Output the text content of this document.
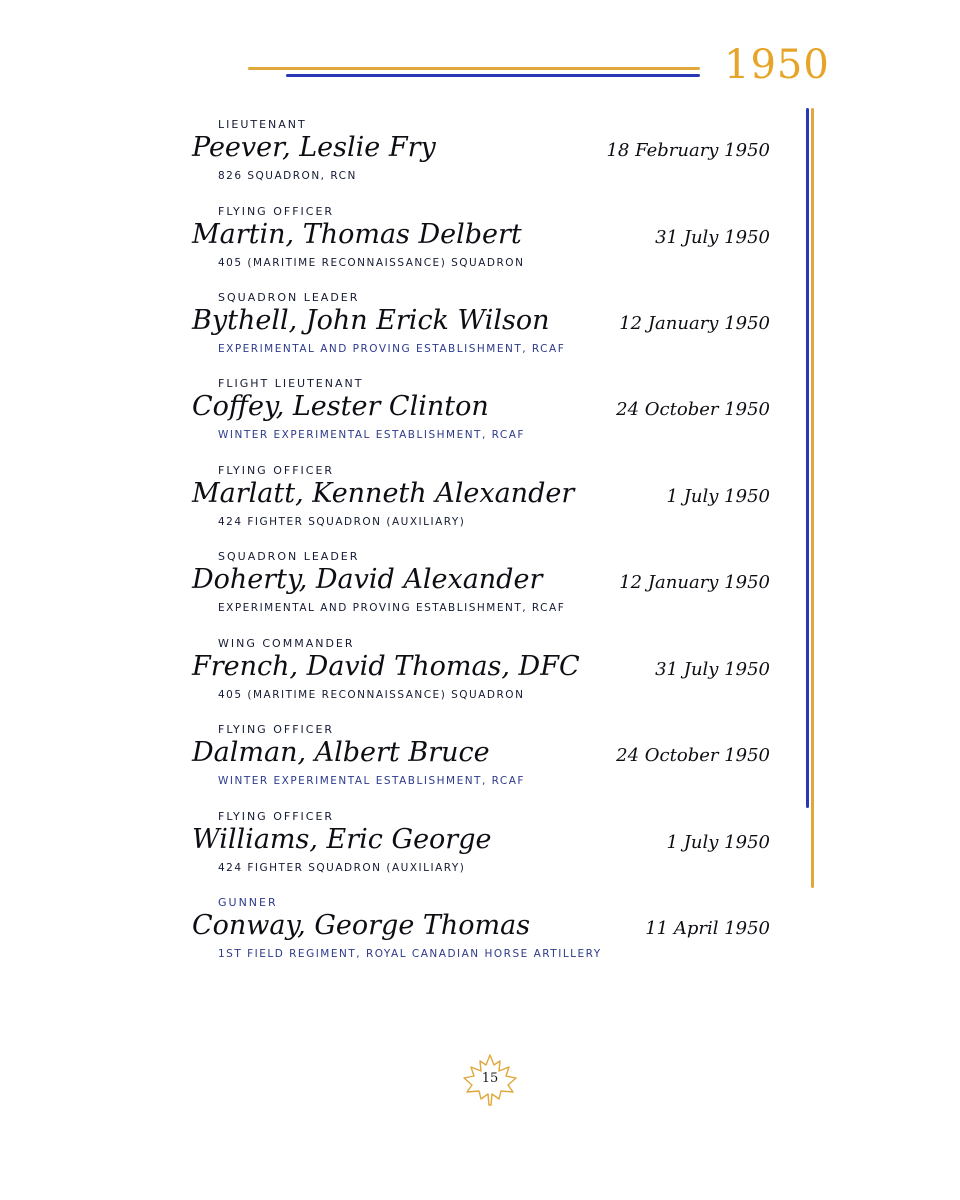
1950
LIEUTENANT
Peever, Leslie Fry
826 SQUADRON, RCN
18 February 1950
FLYING OFFICER
Martin, Thomas Delbert
405 (MARITIME RECONNAISSANCE) SQUADRON
31 July 1950
SQUADRON LEADER
Bythell, John Erick Wilson
EXPERIMENTAL AND PROVING ESTABLISHMENT, RCAF
12 January 1950
FLIGHT LIEUTENANT
Coffey, Lester Clinton
WINTER EXPERIMENTAL ESTABLISHMENT, RCAF
24 October 1950
FLYING OFFICER
Marlatt, Kenneth Alexander
424 FIGHTER SQUADRON (AUXILIARY)
1 July 1950
SQUADRON LEADER
Doherty, David Alexander
EXPERIMENTAL AND PROVING ESTABLISHMENT, RCAF
12 January 1950
WING COMMANDER
French, David Thomas, DFC
405 (MARITIME RECONNAISSANCE) SQUADRON
31 July 1950
FLYING OFFICER
Dalman, Albert Bruce
WINTER EXPERIMENTAL ESTABLISHMENT, RCAF
24 October 1950
FLYING OFFICER
Williams, Eric George
424 FIGHTER SQUADRON (AUXILIARY)
1 July 1950
GUNNER
Conway, George Thomas
1ST FIELD REGIMENT, ROYAL CANADIAN HORSE ARTILLERY
11 April 1950
15
